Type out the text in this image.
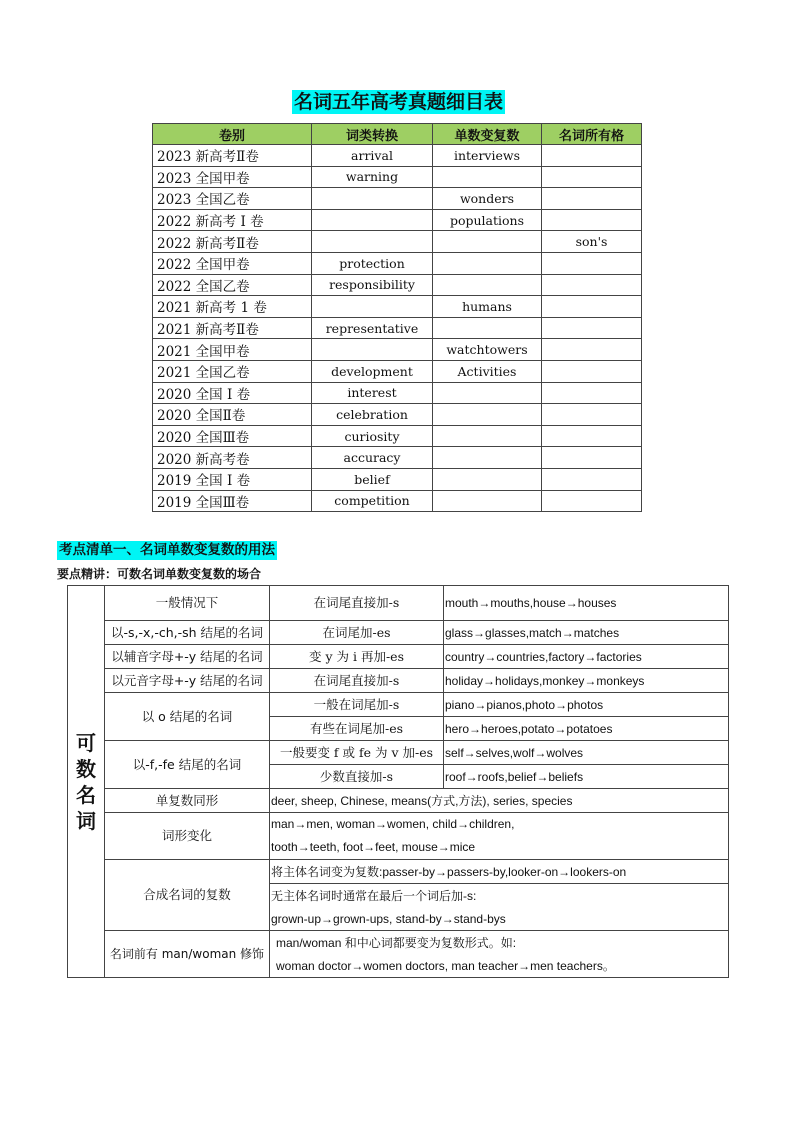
名词五年高考真题细目表
卷别	词类转换	单数变复数	名词所有格
2023 新高考Ⅱ卷	arrival	interviews	
2023 全国甲卷	warning		
2023 全国乙卷		wonders	
2022 新高考 I 卷		populations	
2022 新高考Ⅱ卷			son's
2022 全国甲卷	protection		
2022 全国乙卷	responsibility		
2021 新高考 1 卷		humans	
2021 新高考Ⅱ卷	representative		
2021 全国甲卷		watchtowers	
2021 全国乙卷	development	Activities	
2020 全国 I 卷	interest		
2020 全国Ⅱ卷	celebration		
2020 全国Ⅲ卷	curiosity		
2020 新高考卷	accuracy		
2019 全国 I 卷	belief		
2019 全国Ⅲ卷	competition		
考点清单一、名词单数变复数的用法
要点精讲：可数名词单数变复数的场合
可数名词	一般情况下	在词尾直接加-s	mouth→mouths,house→houses
	以-s,-x,-ch,-sh 结尾的名词	在词尾加-es	glass→glasses,match→matches
	以辅音字母+-y 结尾的名词	变 y 为 i 再加-es	country→countries,factory→factories
	以元音字母+-y 结尾的名词	在词尾直接加-s	holiday→holidays,monkey→monkeys
	以 o 结尾的名词	一般在词尾加-s	piano→pianos,photo→photos
		有些在词尾加-es	hero→heroes,potato→potatoes
	以-f,-fe 结尾的名词	一般要变 f 或 fe 为 v 加-es	self→selves,wolf→wolves
		少数直接加-s	roof→roofs,belief→beliefs
	单复数同形	deer, sheep, Chinese, means(方式,方法), series, species	
	词形变化	man→men, woman→women, child→children,
tooth→teeth, foot→feet, mouse→mice	

	合成名词的复数	将主体名词变为复数:passer-by→passers-by,looker-on→lookers-on	
		无主体名词时通常在最后一个词后加-s:	
		grown-up→grown-ups, stand-by→stand-bys	
	名词前有 man/woman 修饰	man/woman 和中心词都要变为复数形式。如:	
		woman doctor→women doctors, man teacher→men teachers。	
